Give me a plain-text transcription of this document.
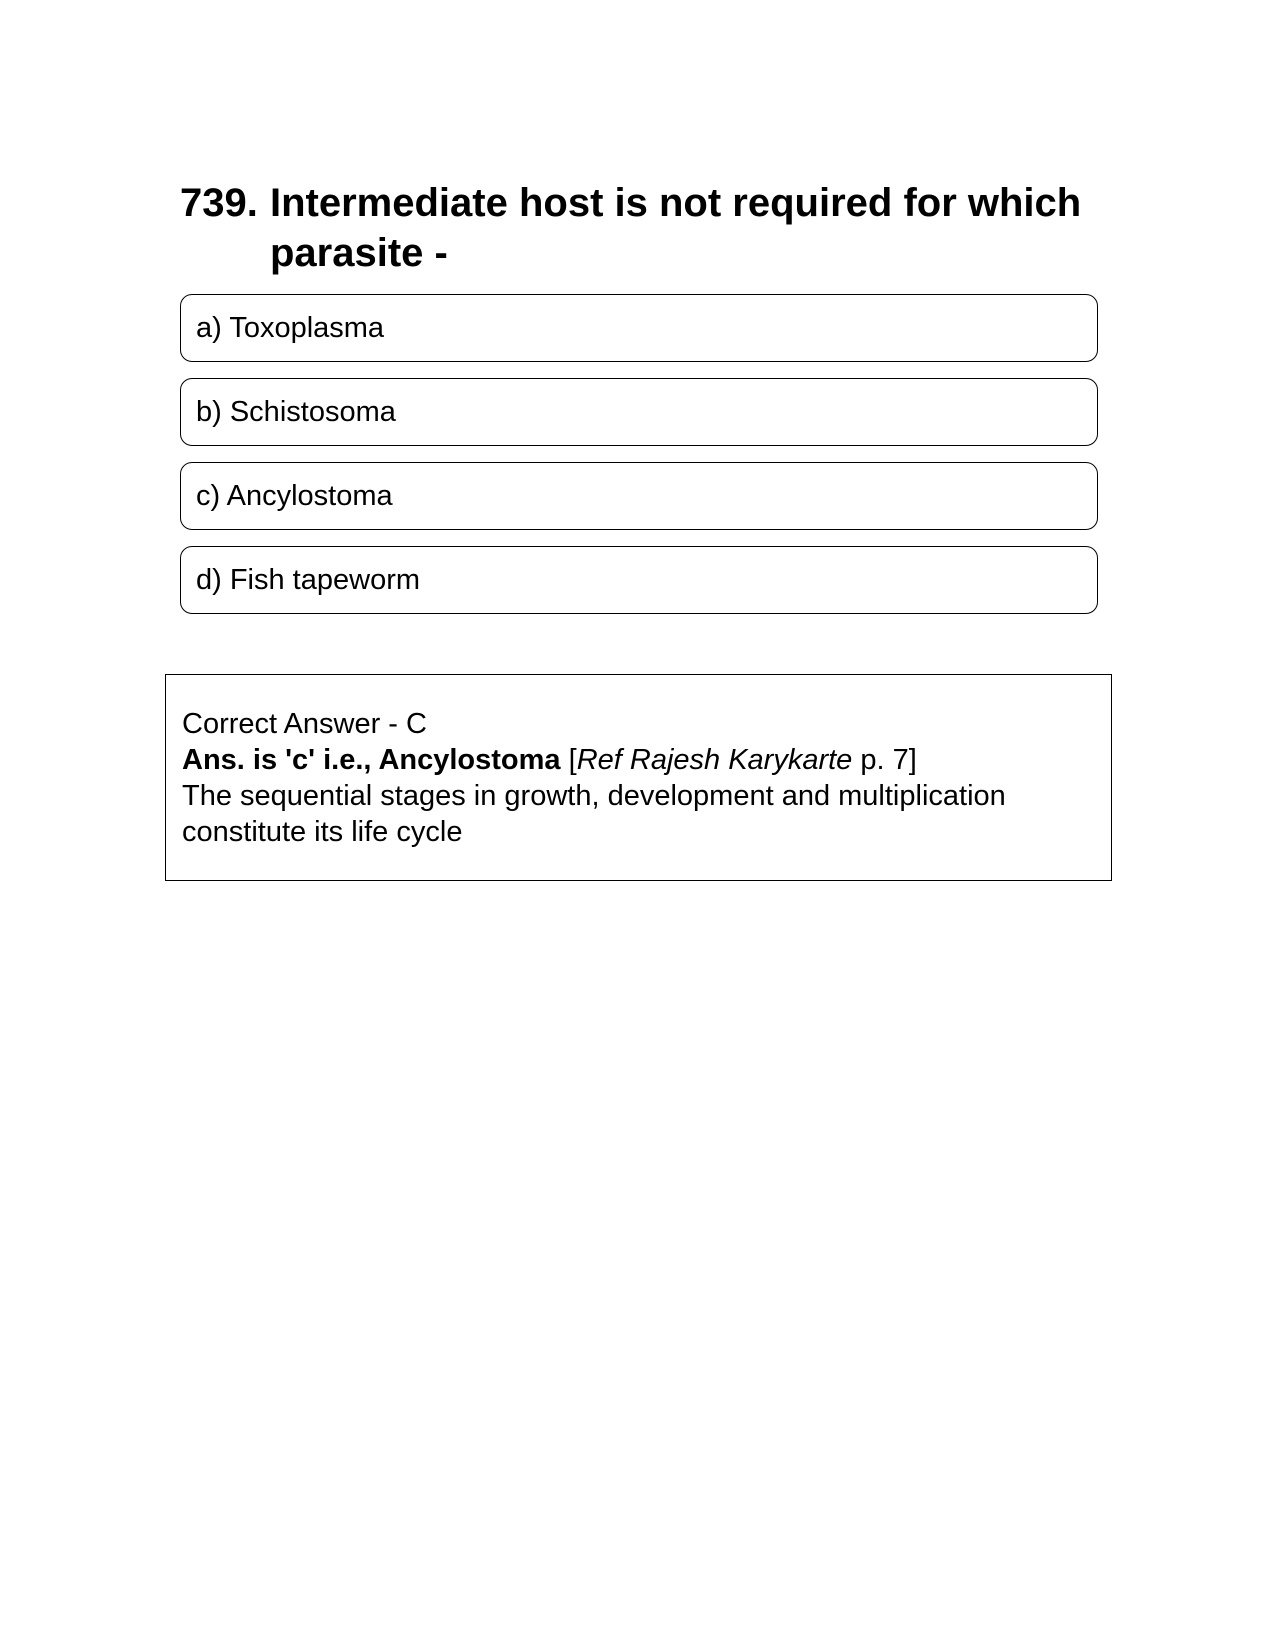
739. Intermediate host is not required for which parasite -
a) Toxoplasma
b) Schistosoma
c) Ancylostoma
d) Fish tapeworm

Correct Answer - C

Ans. is 'c' i.e., Ancylostoma [Ref Rajesh Karykarte p. 7]

The sequential stages in growth, development and multiplication constitute its life cycle
